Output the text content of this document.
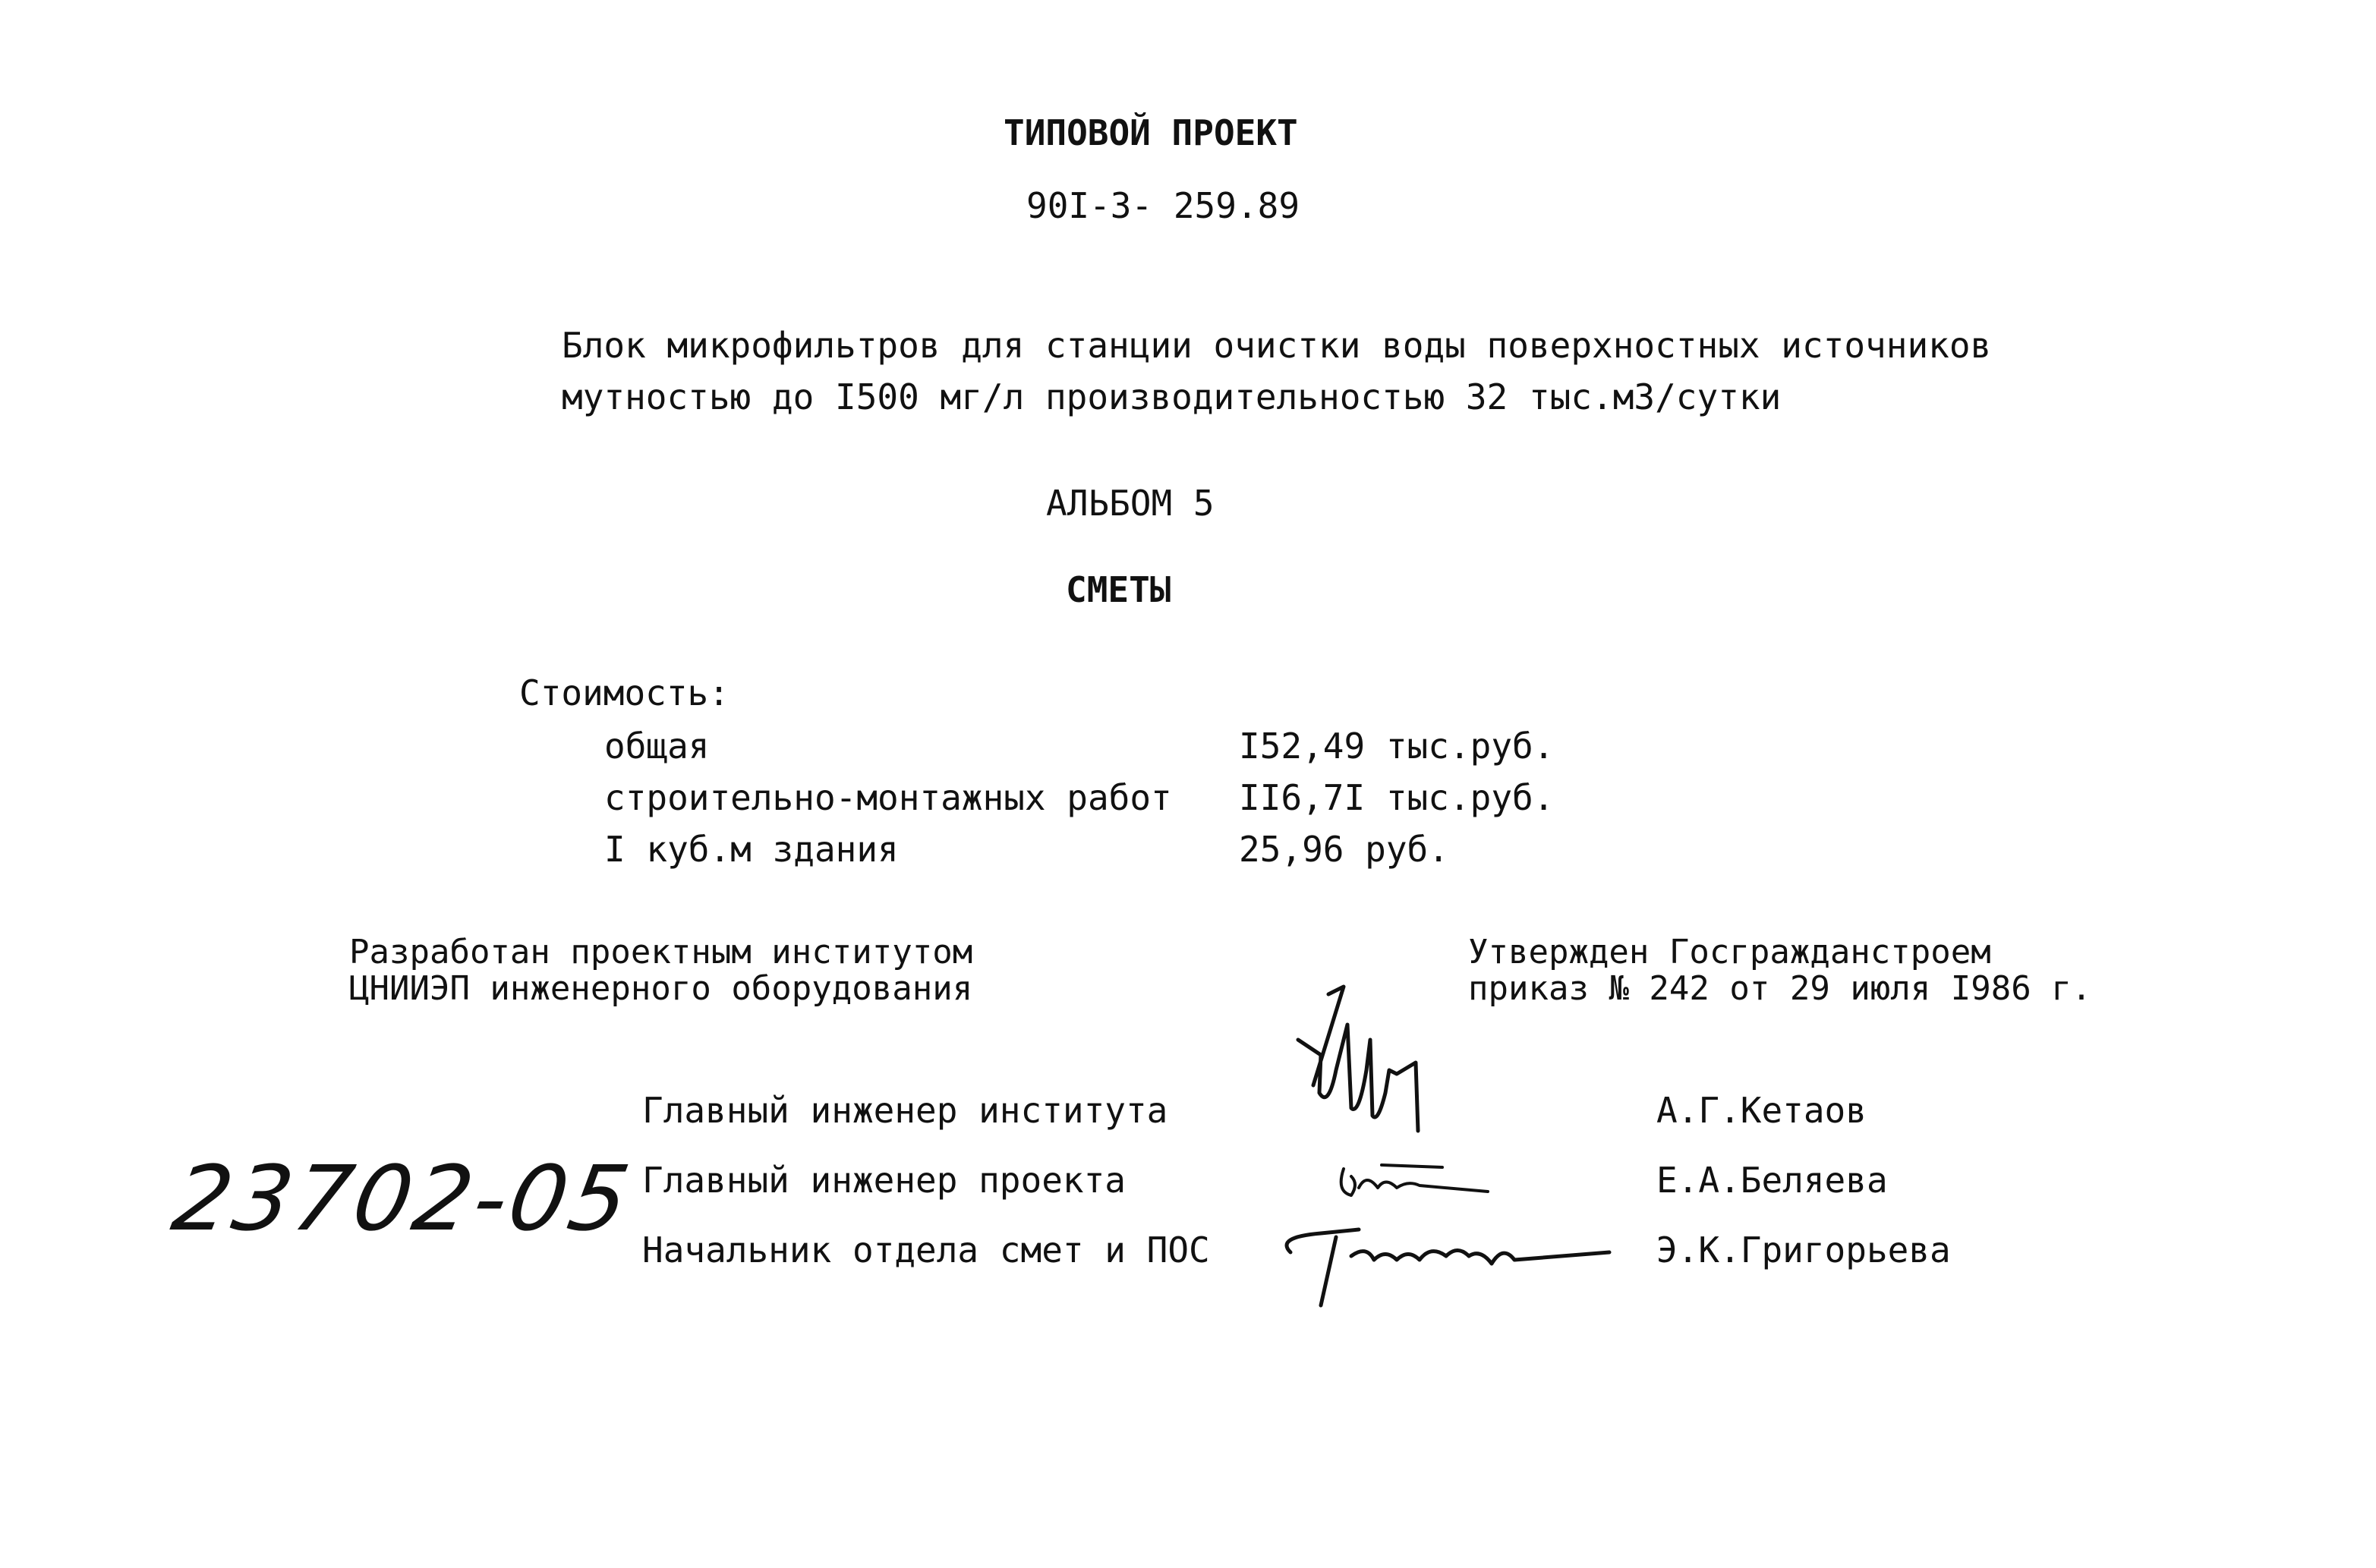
ТИПОВОЙ ПРОЕКТ
90I-3- 259.89
Блок микрофильтров для станции очистки воды поверхностных источников
мутностью до I500 мг/л производительностью 32 тыс.м3/сутки
АЛЬБОМ 5
СМЕТЫ
Стоимость:
общая	I52,49 тыс.руб.
строительно-монтажных работ II6,7I тыс.руб.
I куб.м здания	25,96 руб.
Разработан проектным институтом
ЦНИИЭП инженерного оборудования
Утвержден Госгражданстроем
приказ № 242 от 29 июля I986 г.
Главный инженер института	А.Г.Кетаов
Главный инженер проекта	Е.А.Беляева
Начальник отдела смет и ПОС	Э.К.Григорьева
23702-05
